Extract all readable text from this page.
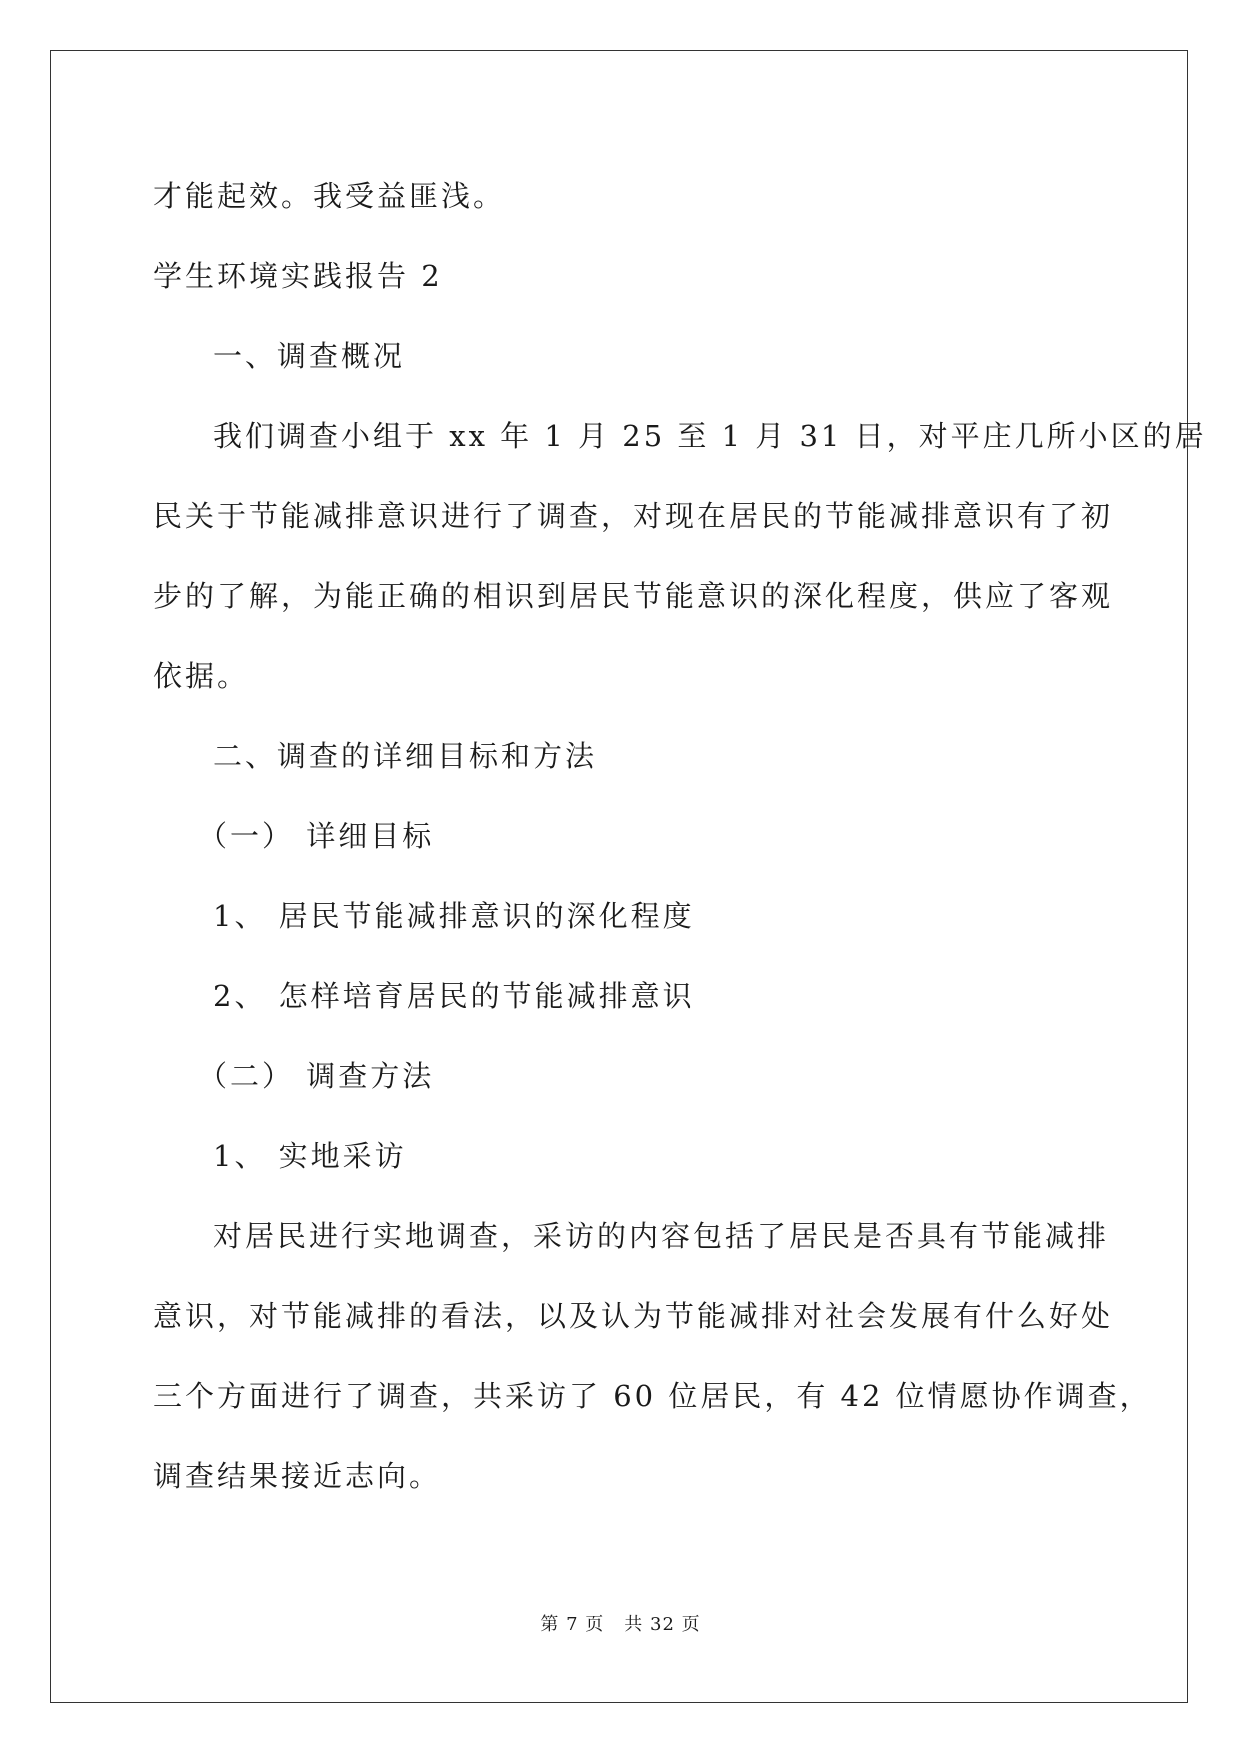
才能起效。我受益匪浅。
学生环境实践报告 2
一、调查概况
我们调查小组于 xx 年 1 月 25 至 1 月 31 日，对平庄几所小区的居
民关于节能减排意识进行了调查，对现在居民的节能减排意识有了初
步的了解，为能正确的相识到居民节能意识的深化程度，供应了客观
依据。
二、调查的详细目标和方法
（一） 详细目标
1、 居民节能减排意识的深化程度
2、 怎样培育居民的节能减排意识
（二） 调查方法
1、 实地采访
对居民进行实地调查，采访的内容包括了居民是否具有节能减排
意识，对节能减排的看法，以及认为节能减排对社会发展有什么好处
三个方面进行了调查，共采访了 60 位居民，有 42 位情愿协作调查，
调查结果接近志向。
第 7 页 共 32 页
